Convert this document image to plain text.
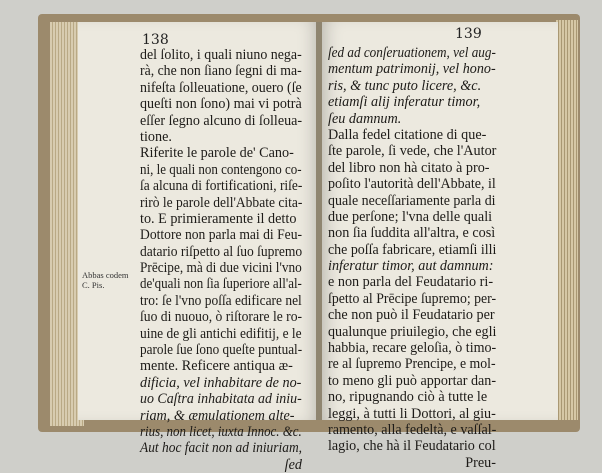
138	139
Abbas codem
C. Pis.
del ſolito, i quali niuno nega-
rà, che non ſiano ſegni di ma-
nifeſta ſolleuatione, ouero (ſe
queſti non ſono) mai vi potrà
eſſer ſegno alcuno di ſolleua-
tione.
Riferite le parole de' Cano-
ni, le quali non contengono co-
ſa alcuna di fortificationi, riſe-
rirò le parole dell'Abbate cita-
to. E primieramente il detto
Dottore non parla mai di Feu-
datario riſpetto al ſuo ſupremo
Prēcipe, mà di due vicini l'vno
de'quali non ſia ſuperiore all'al-
tro: ſe l'vno poſſa edificare nel
ſuo di nuouo, ò riſtorare le ro-
uine de gli antichi edifitij, e le
parole ſue ſono queſte puntual-
mente. Reficere antiqua æ-
dificia, vel inhabitare de no-
uo Caſtra inhabitata ad iniu-
riam, & æmulationem alte-
rius, non licet, iuxta Innoc. &c.
Aut hoc facit non ad iniuriam,
ſed
ſed ad conſeruationem, vel aug-
mentum patrimonij, vel hono-
ris, & tunc puto licere, &c.
etiamſi alij inferatur timor,
ſeu damnum.
Dalla fedel citatione di que-
ſte parole, ſi vede, che l'Autor
del libro non hà citato à pro-
poſito l'autorità dell'Abbate, il
quale neceſſariamente parla di
due perſone; l'vna delle quali
non ſia ſuddita all'altra, e così
che poſſa fabricare, etiamſi illi
inferatur timor, aut damnum:
e non parla del Feudatario ri-
ſpetto al Prēcipe ſupremo; per-
che non può il Feudatario per
qualunque priuilegio, che egli
habbia, recare geloſia, ò timo-
re al ſupremo Prencipe, e mol-
to meno gli può apportar dan-
no, ripugnando ciò à tutte le
leggi, à tutti li Dottori, al giu-
ramento, alla fedeltà, e vaſſal-
lagio, che hà il Feudatario col
Preu-
